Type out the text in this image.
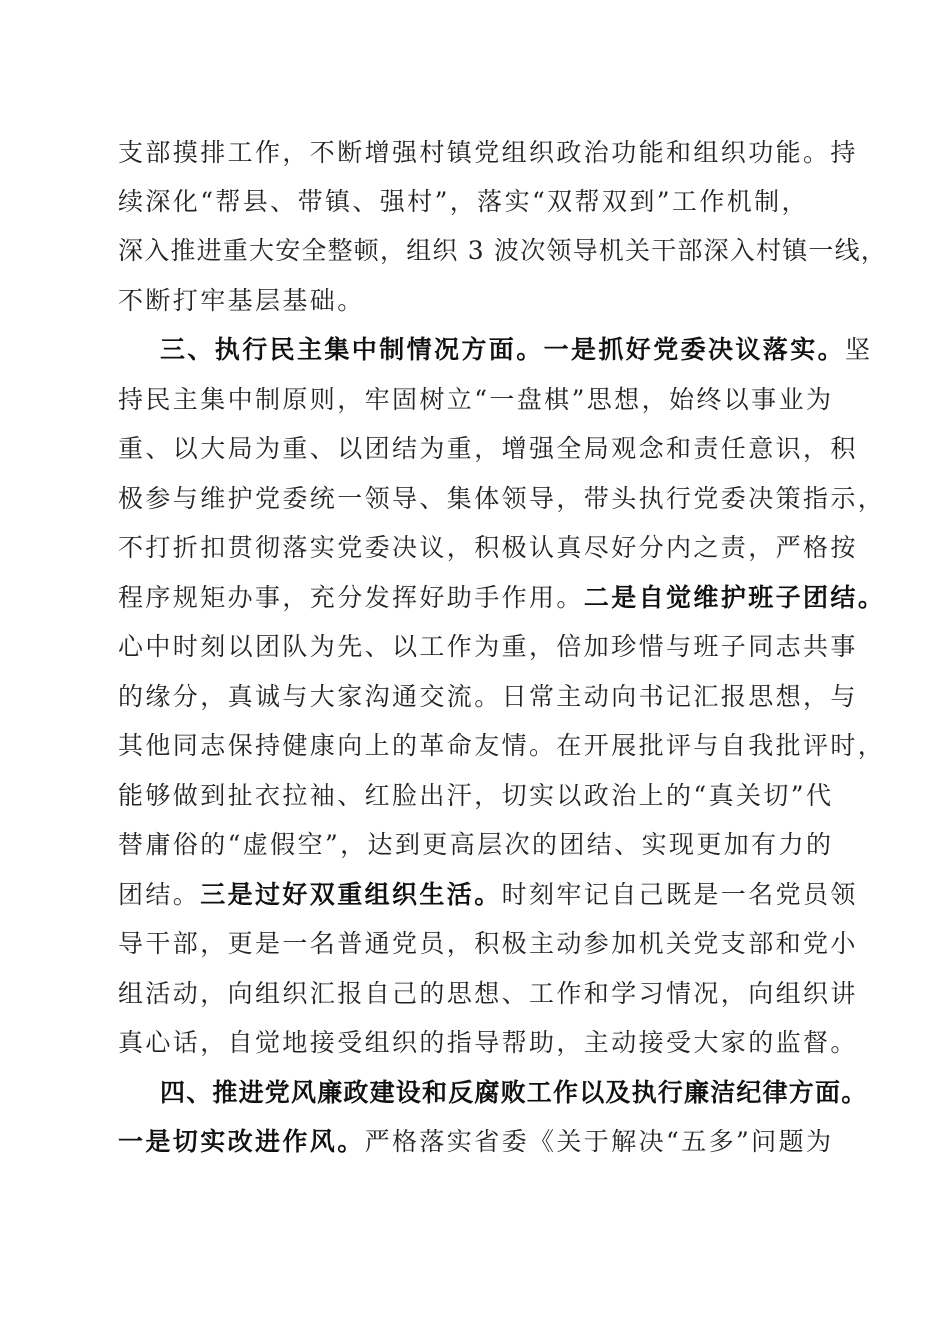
支部摸排工作，不断增强村镇党组织政治功能和组织功能。持
续深化“帮县、带镇、强村”，落实“双帮双到”工作机制，
深入推进重大安全整顿，组织 3 波次领导机关干部深入村镇一线，
不断打牢基层基础。
三、执行民主集中制情况方面。一是抓好党委决议落实。坚
持民主集中制原则，牢固树立“一盘棋”思想，始终以事业为
重、以大局为重、以团结为重，增强全局观念和责任意识，积
极参与维护党委统一领导、集体领导，带头执行党委决策指示，
不打折扣贯彻落实党委决议，积极认真尽好分内之责，严格按
程序规矩办事，充分发挥好助手作用。二是自觉维护班子团结。
心中时刻以团队为先、以工作为重，倍加珍惜与班子同志共事
的缘分，真诚与大家沟通交流。日常主动向书记汇报思想，与
其他同志保持健康向上的革命友情。在开展批评与自我批评时，
能够做到扯衣拉袖、红脸出汗，切实以政治上的“真关切”代
替庸俗的“虚假空”，达到更高层次的团结、实现更加有力的
团结。三是过好双重组织生活。时刻牢记自己既是一名党员领
导干部，更是一名普通党员，积极主动参加机关党支部和党小
组活动，向组织汇报自己的思想、工作和学习情况，向组织讲
真心话，自觉地接受组织的指导帮助，主动接受大家的监督。
四、推进党风廉政建设和反腐败工作以及执行廉洁纪律方面。
一是切实改进作风。严格落实省委《关于解决“五多”问题为
